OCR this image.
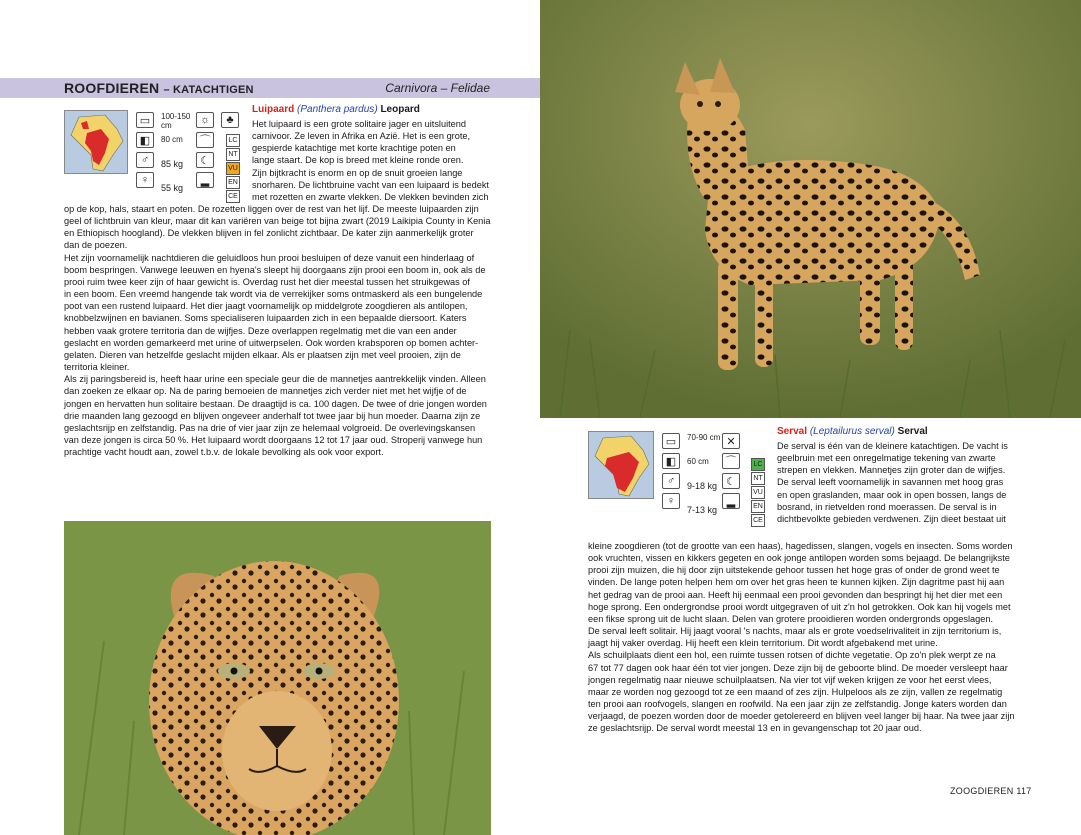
ROOFDIEREN – KATACHTIGEN	Carnivora – Felidae
▭
◧
♂
♀
100-150 cm
80 cm
85 kg
55 kg
☼
⌒
☾
▂
♣
LC
NT
VU
EN
CE
Luipaard (Panthera pardus) Leopard

Het luipaard is een grote solitaire jager en uitsluitend

carnivoor. Ze leven in Afrika en Azië. Het is een grote,

gespierde katachtige met korte krachtige poten en

lange staart. De kop is breed met kleine ronde oren.

Zijn bijtkracht is enorm en op de snuit groeien lange

snorharen. De lichtbruine vacht van een luipaard is bedekt

met rozetten en zwarte vlekken. De vlekken bevinden zich

op de kop, hals, staart en poten. De rozetten liggen over de rest van het lijf. De meeste luipaarden zijn

geel of lichtbruin van kleur, maar dit kan variëren van beige tot bijna zwart (2019 Laikipia County in Kenia

en Ethiopisch hoogland). De vlekken blijven in fel zonlicht zichtbaar. De kater zijn aanmerkelijk groter

dan de poezen.

Het zijn voornamelijk nachtdieren die geluidloos hun prooi besluipen of deze vanuit een hinderlaag of

boom bespringen. Vanwege leeuwen en hyena's sleept hij doorgaans zijn prooi een boom in, ook als de

prooi ruim twee keer zijn of haar gewicht is. Overdag rust het dier meestal tussen het struikgewas of

in een boom. Een vreemd hangende tak wordt via de verrekijker soms ontmaskerd als een bungelende

poot van een rustend luipaard. Het dier jaagt voornamelijk op middelgrote zoogdieren als antilopen,

knobbelzwijnen en bavianen. Soms specialiseren luipaarden zich in een bepaalde diersoort. Katers

hebben vaak grotere territoria dan de wijfjes. Deze overlappen regelmatig met die van een ander

geslacht en worden gemarkeerd met urine of uitwerpselen. Ook worden krabsporen op bomen achter-

gelaten. Dieren van hetzelfde geslacht mijden elkaar. Als er plaatsen zijn met veel prooien, zijn de

territoria kleiner.

Als zij paringsbereid is, heeft haar urine een speciale geur die de mannetjes aantrekkelijk vinden. Alleen

dan zoeken ze elkaar op. Na de paring bemoeien de mannetjes zich verder niet met het wijfje of de

jongen en hervatten hun solitaire bestaan. De draagtijd is ca. 100 dagen. De twee of drie jongen worden

drie maanden lang gezoogd en blijven ongeveer anderhalf tot twee jaar bij hun moeder. Daarna zijn ze

geslachtsrijp en zelfstandig. Pas na drie of vier jaar zijn ze helemaal volgroeid. De overlevingskansen

van deze jongen is circa 50 %. Het luipaard wordt doorgaans 12 tot 17 jaar oud. Stroperij vanwege hun

prachtige vacht houdt aan, zowel t.b.v. de lokale bevolking als ook voor export.

▭
◧
♂
♀
70-90 cm
60 cm
9-18 kg
7-13 kg
✕
⌒
☾
▂
LC
NT
VU
EN
CE
Serval (Leptailurus serval) Serval

De serval is één van de kleinere katachtigen. De vacht is

geelbruin met een onregelmatige tekening van zwarte

strepen en vlekken. Mannetjes zijn groter dan de wijfjes.

De serval leeft voornamelijk in savannen met hoog gras

en open graslanden, maar ook in open bossen, langs de

bosrand, in rietvelden rond moerassen. De serval is in

dichtbevolkte gebieden verdwenen. Zijn dieet bestaat uit

kleine zoogdieren (tot de grootte van een haas), hagedissen, slangen, vogels en insecten. Soms worden

ook vruchten, vissen en kikkers gegeten en ook jonge antilopen worden soms bejaagd. De belangrijkste

prooi zijn muizen, die hij door zijn uitstekende gehoor tussen het hoge gras of onder de grond weet te

vinden. De lange poten helpen hem om over het gras heen te kunnen kijken. Zijn dagritme past hij aan

het gedrag van de prooi aan. Heeft hij eenmaal een prooi gevonden dan bespringt hij het dier met een

hoge sprong. Een ondergrondse prooi wordt uitgegraven of uit z'n hol getrokken. Ook kan hij vogels met

een fikse sprong uit de lucht slaan. Delen van grotere prooidieren worden ondergronds opgeslagen.

De serval leeft solitair. Hij jaagt vooral 's nachts, maar als er grote voedselrivaliteit in zijn territorium is,

jaagt hij vaker overdag. Hij heeft een klein territorium. Dit wordt afgebakend met urine.

Als schuilplaats dient een hol, een ruimte tussen rotsen of dichte vegetatie. Op zo'n plek werpt ze na

67 tot 77 dagen ook haar één tot vier jongen. Deze zijn bij de geboorte blind. De moeder versleept haar

jongen regelmatig naar nieuwe schuilplaatsen. Na vier tot vijf weken krijgen ze voor het eerst vlees,

maar ze worden nog gezoogd tot ze een maand of zes zijn. Hulpeloos als ze zijn, vallen ze regelmatig

ten prooi aan roofvogels, slangen en roofwild. Na een jaar zijn ze zelfstandig. Jonge katers worden dan

verjaagd, de poezen worden door de moeder getolereerd en blijven veel langer bij haar. Na twee jaar zijn

ze geslachtsrijp. De serval wordt meestal 13 en in gevangenschap tot 20 jaar oud.

ZOOGDIEREN 117
